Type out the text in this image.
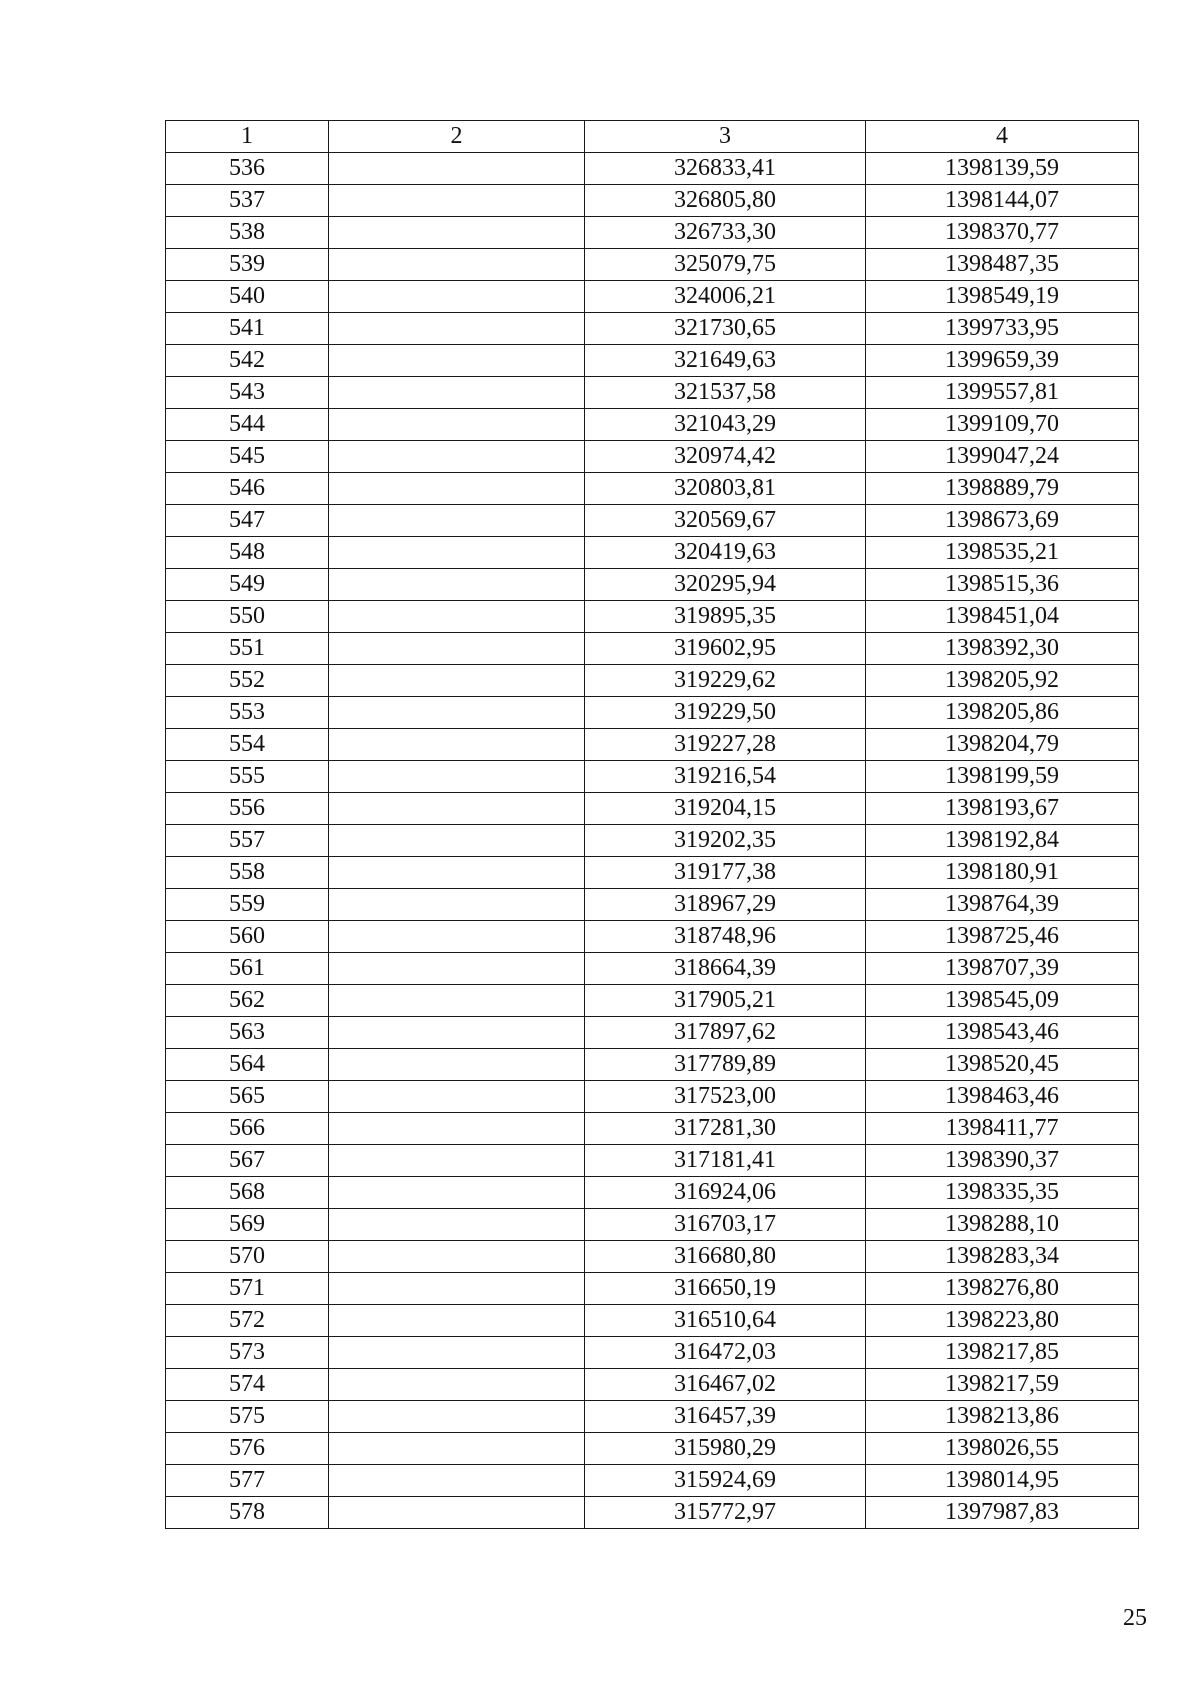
1	2	3	4
536		326833,41	1398139,59
537		326805,80	1398144,07
538		326733,30	1398370,77
539		325079,75	1398487,35
540		324006,21	1398549,19
541		321730,65	1399733,95
542		321649,63	1399659,39
543		321537,58	1399557,81
544		321043,29	1399109,70
545		320974,42	1399047,24
546		320803,81	1398889,79
547		320569,67	1398673,69
548		320419,63	1398535,21
549		320295,94	1398515,36
550		319895,35	1398451,04
551		319602,95	1398392,30
552		319229,62	1398205,92
553		319229,50	1398205,86
554		319227,28	1398204,79
555		319216,54	1398199,59
556		319204,15	1398193,67
557		319202,35	1398192,84
558		319177,38	1398180,91
559		318967,29	1398764,39
560		318748,96	1398725,46
561		318664,39	1398707,39
562		317905,21	1398545,09
563		317897,62	1398543,46
564		317789,89	1398520,45
565		317523,00	1398463,46
566		317281,30	1398411,77
567		317181,41	1398390,37
568		316924,06	1398335,35
569		316703,17	1398288,10
570		316680,80	1398283,34
571		316650,19	1398276,80
572		316510,64	1398223,80
573		316472,03	1398217,85
574		316467,02	1398217,59
575		316457,39	1398213,86
576		315980,29	1398026,55
577		315924,69	1398014,95
578		315772,97	1397987,83
25
